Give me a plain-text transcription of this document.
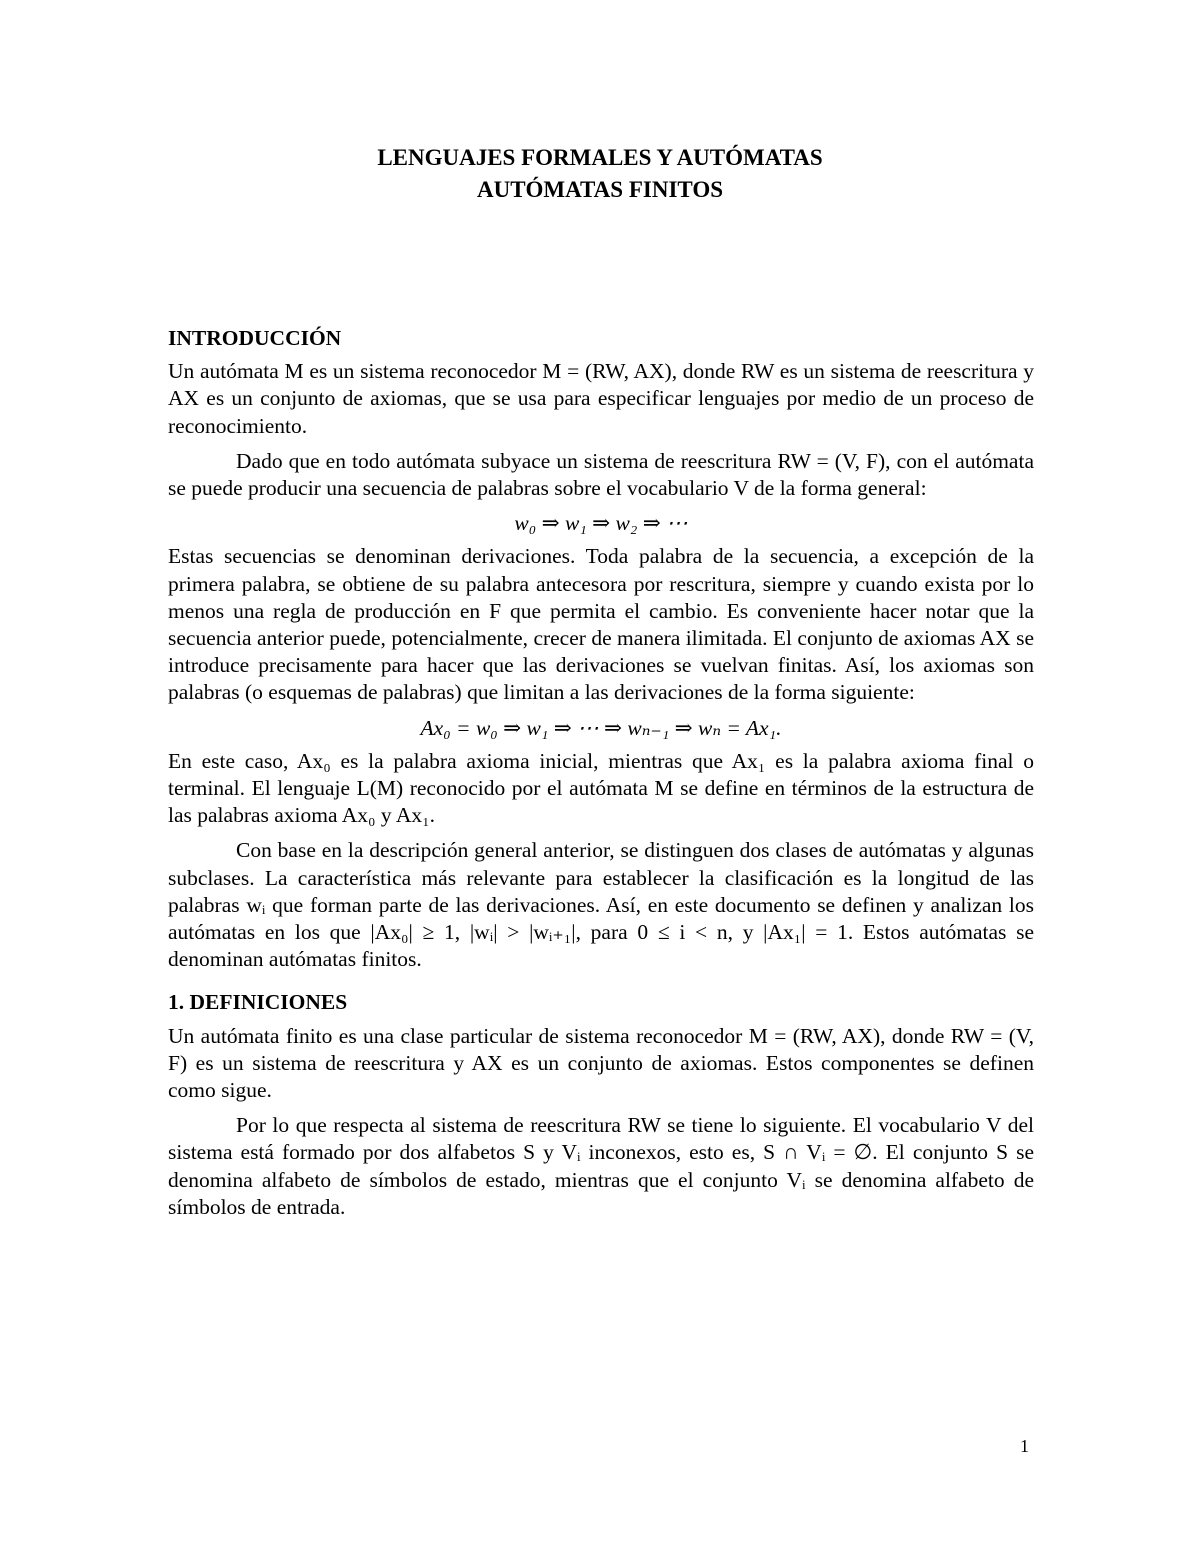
LENGUAJES FORMALES Y AUTÓMATAS
AUTÓMATAS FINITOS
INTRODUCCIÓN

Un autómata M es un sistema reconocedor M = (RW, AX), donde RW es un sistema de reescritura y AX es un conjunto de axiomas, que se usa para especificar lenguajes por medio de un proceso de reconocimiento.

Dado que en todo autómata subyace un sistema de reescritura RW = (V, F), con el autómata se puede producir una secuencia de palabras sobre el vocabulario V de la forma general:

w₀ ⇒ w₁ ⇒ w₂ ⇒ ⋯

Estas secuencias se denominan derivaciones. Toda palabra de la secuencia, a excepción de la primera palabra, se obtiene de su palabra antecesora por rescritura, siempre y cuando exista por lo menos una regla de producción en F que permita el cambio. Es conveniente hacer notar que la secuencia anterior puede, potencialmente, crecer de manera ilimitada. El conjunto de axiomas AX se introduce precisamente para hacer que las derivaciones se vuelvan finitas. Así, los axiomas son palabras (o esquemas de palabras) que limitan a las derivaciones de la forma siguiente:

Ax₀ = w₀ ⇒ w₁ ⇒ ⋯ ⇒ wₙ₋₁ ⇒ wₙ = Ax₁.

En este caso, Ax₀ es la palabra axioma inicial, mientras que Ax₁ es la palabra axioma final o terminal. El lenguaje L(M) reconocido por el autómata M se define en términos de la estructura de las palabras axioma Ax₀ y Ax₁.

Con base en la descripción general anterior, se distinguen dos clases de autómatas y algunas subclases. La característica más relevante para establecer la clasificación es la longitud de las palabras wᵢ que forman parte de las derivaciones. Así, en este documento se definen y analizan los autómatas en los que |Ax₀| ≥ 1, |wᵢ| > |wᵢ₊₁|, para 0 ≤ i < n, y |Ax₁| = 1. Estos autómatas se denominan autómatas finitos.

1. DEFINICIONES

Un autómata finito es una clase particular de sistema reconocedor M = (RW, AX), donde RW = (V, F) es un sistema de reescritura y AX es un conjunto de axiomas. Estos componentes se definen como sigue.

Por lo que respecta al sistema de reescritura RW se tiene lo siguiente. El vocabulario V del sistema está formado por dos alfabetos S y Vᵢ inconexos, esto es, S ∩ Vᵢ = ∅. El conjunto S se denomina alfabeto de símbolos de estado, mientras que el conjunto Vᵢ se denomina alfabeto de símbolos de entrada.

1
